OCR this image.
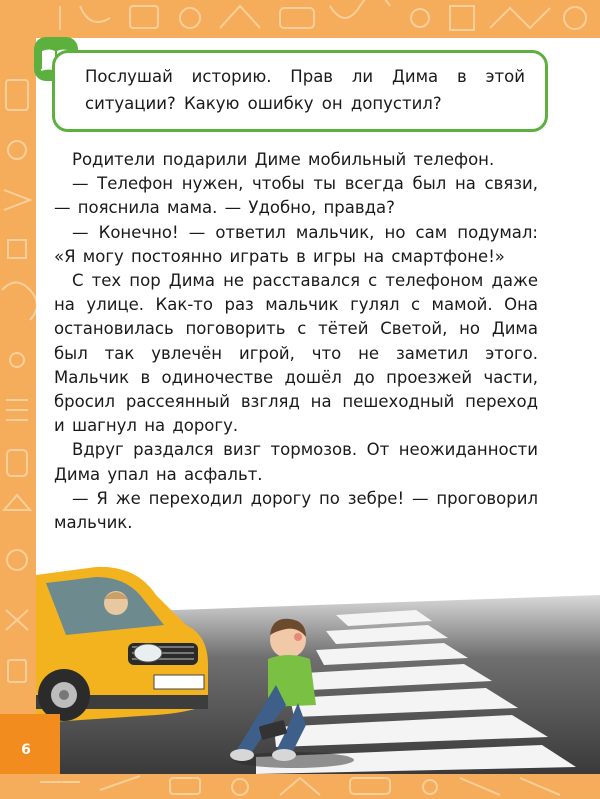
Послушай историю. Прав ли Дима в этой ситуации? Какую ошибку он допустил?

Родители подарили Диме мобильный телефон.

— Телефон нужен, чтобы ты всегда был на связи, — пояснила мама. — Удобно, правда?

— Конечно! — ответил мальчик, но сам подумал: «Я могу постоянно играть в игры на смартфоне!»

С тех пор Дима не расставался с телефоном даже на улице. Как-то раз мальчик гулял с мамой. Она остановилась поговорить с тётей Светой, но Дима был так увлечён игрой, что не заметил этого. Мальчик в одиночестве дошёл до проезжей части, бросил рассеянный взгляд на пешеходный переход и шагнул на дорогу.

Вдруг раздался визг тормозов. От неожиданности Дима упал на асфальт.

— Я же переходил дорогу по зебре! — проговорил мальчик.

6
